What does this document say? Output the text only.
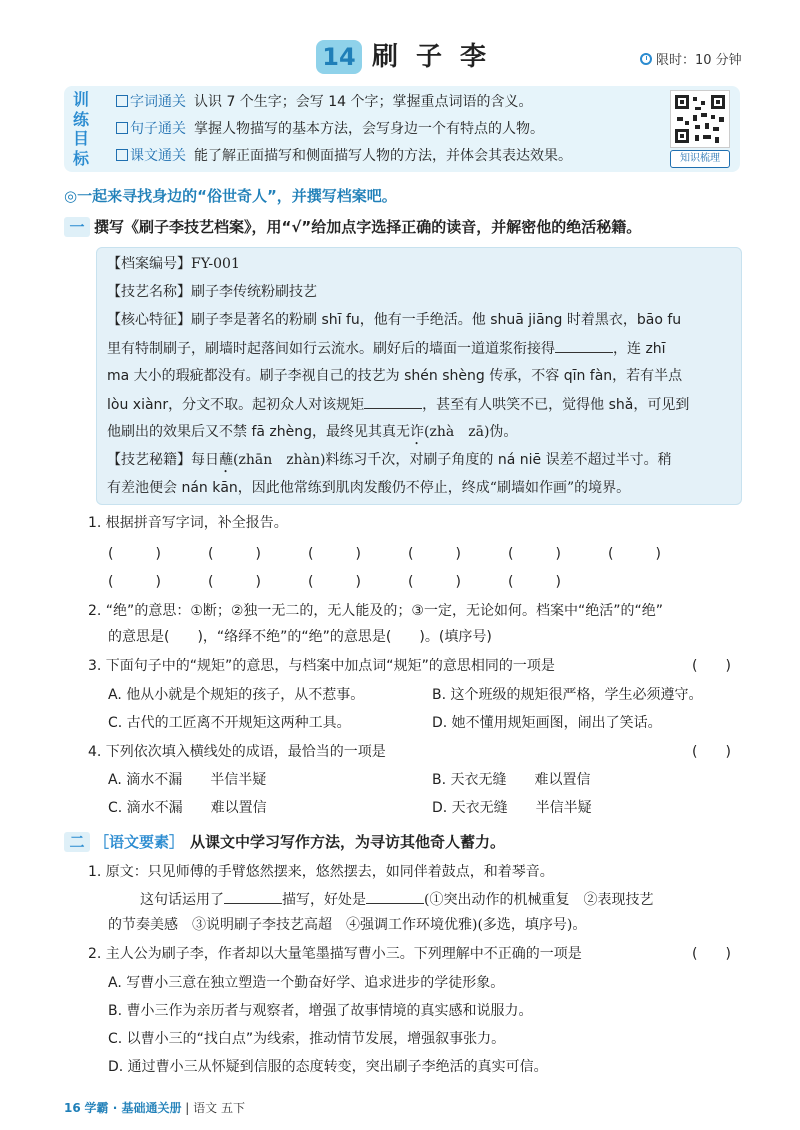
14 刷子李	限时：10 分钟
训练目标
字词通关 认识 7 个生字；会写 14 个字；掌握重点词语的含义。
句子通关 掌握人物描写的基本方法，会写身边一个有特点的人物。
课文通关 能了解正面描写和侧面描写人物的方法，并体会其表达效果。	知识梳理
◎一起来寻找身边的“俗世奇人”，并撰写档案吧。
一 撰写《刷子李技艺档案》，用“√”给加点字选择正确的读音，并解密他的绝活秘籍。
【档案编号】FY-001
【技艺名称】刷子李传统粉刷技艺
【核心特征】刷子李是著名的粉刷 shī fu，他有一手绝活。他 shuā jiāng 时着黑衣，bāo fu
里有特制刷子，刷墙时起落间如行云流水。刷好后的墙面一道道浆衔接得	，连 zhī
ma 大小的瑕疵都没有。刷子李视自己的技艺为 shén shèng 传承，不容 qīn fàn，若有半点
lòu xiànr，分文不取。起初众人对该规矩	，甚至有人哄笑不已，觉得他 shǎ，可见到
他刷出的效果后又不禁 fā zhèng，最终见其真无诈(zhà　zā)伪。
【技艺秘籍】每日蘸(zhān　zhàn)料练习千次，对刷子角度的 ná niē 误差不超过半寸。稍
有差池便会 nán kān，因此他常练到肌肉发酸仍不停止，终成“刷墙如作画”的境界。
1. 根据拼音写字词，补全报告。
(　　　)	(　　　)	(　　　)	(　　　)	(　　　)	(　　　)
(　　　)	(　　　)	(　　　)	(　　　)	(　　　)
2. “绝”的意思：①断；②独一无二的，无人能及的；③一定，无论如何。档案中“绝活”的“绝”
的意思是(　　)，“络绎不绝”的“绝”的意思是(　　)。(填序号)
3. 下面句子中的“规矩”的意思，与档案中加点词“规矩”的意思相同的一项是	(　　)
A. 他从小就是个规矩的孩子，从不惹事。	B. 这个班级的规矩很严格，学生必须遵守。
C. 古代的工匠离不开规矩这两种工具。	D. 她不懂用规矩画图，闹出了笑话。
4. 下列依次填入横线处的成语，最恰当的一项是	(　　)
A. 滴水不漏　　半信半疑	B. 天衣无缝　　难以置信
C. 滴水不漏　　难以置信	D. 天衣无缝　　半信半疑
二 ［语文要素］ 从课文中学习写作方法，为寻访其他奇人蓄力。
1. 原文：只见师傅的手臂悠然摆来，悠然摆去，如同伴着鼓点，和着琴音。
这句话运用了	描写，好处是	(①突出动作的机械重复　②表现技艺
的节奏美感　③说明刷子李技艺高超　④强调工作环境优雅)(多选，填序号)。
2. 主人公为刷子李，作者却以大量笔墨描写曹小三。下列理解中不正确的一项是	(　　)
A. 写曹小三意在独立塑造一个勤奋好学、追求进步的学徒形象。
B. 曹小三作为亲历者与观察者，增强了故事情境的真实感和说服力。
C. 以曹小三的“找白点”为线索，推动情节发展，增强叙事张力。
D. 通过曹小三从怀疑到信服的态度转变，突出刷子李绝活的真实可信。
16 学霸 · 基础通关册 | 语文 五下
